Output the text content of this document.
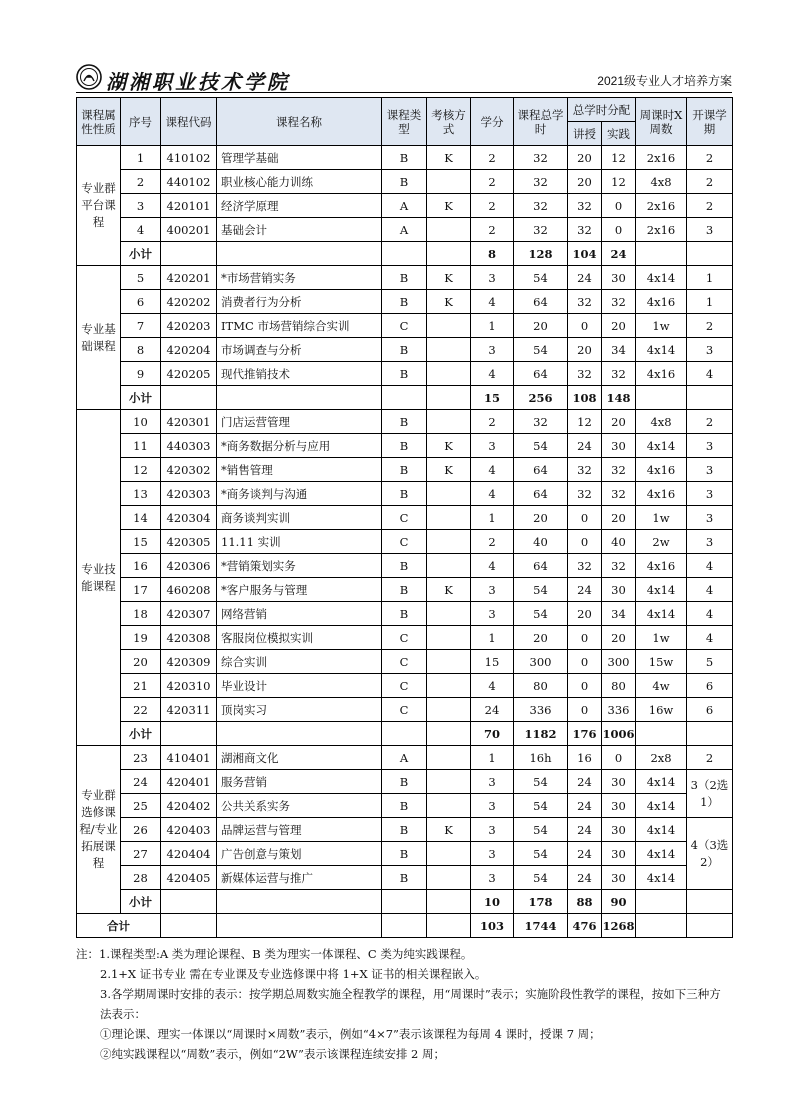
湖湘职业技术学院	2021级专业人才培养方案
课程属性性质	序号	课程代码	课程名称	课程类型	考核方式	学分	课程总学时	总学时分配		周课时X周数	开课学期
								讲授	实践		
专业群平台课程	1	410102	管理学基础	B	K	2	32	20	12	2x16	2
	2	440102	职业核心能力训练	B		2	32	20	12	4x8	2
	3	420101	经济学原理	A	K	2	32	32	0	2x16	2
	4	400201	基础会计	A		2	32	32	0	2x16	3
	小计					8	128	104	24		
专业基础课程	5	420201	*市场营销实务	B	K	3	54	24	30	4x14	1
	6	420202	消费者行为分析	B	K	4	64	32	32	4x16	1
	7	420203	ITMC 市场营销综合实训	C		1	20	0	20	1w	2
	8	420204	市场调查与分析	B		3	54	20	34	4x14	3
	9	420205	现代推销技术	B		4	64	32	32	4x16	4
	小计					15	256	108	148		
专业技能课程	10	420301	门店运营管理	B		2	32	12	20	4x8	2
	11	440303	*商务数据分析与应用	B	K	3	54	24	30	4x14	3
	12	420302	*销售管理	B	K	4	64	32	32	4x16	3
	13	420303	*商务谈判与沟通	B		4	64	32	32	4x16	3
	14	420304	商务谈判实训	C		1	20	0	20	1w	3
	15	420305	11.11 实训	C		2	40	0	40	2w	3
	16	420306	*营销策划实务	B		4	64	32	32	4x16	4
	17	460208	*客户服务与管理	B	K	3	54	24	30	4x14	4
	18	420307	网络营销	B		3	54	20	34	4x14	4
	19	420308	客服岗位模拟实训	C		1	20	0	20	1w	4
	20	420309	综合实训	C		15	300	0	300	15w	5
	21	420310	毕业设计	C		4	80	0	80	4w	6
	22	420311	顶岗实习	C		24	336	0	336	16w	6
	小计					70	1182	176	1006		
专业群选修课程/专业拓展课程	23	410401	湖湘商文化	A		1	16h	16	0	2x8	2
	24	420401	服务营销	B		3	54	24	30	4x14	3（2选1）
	25	420402	公共关系实务	B		3	54	24	30	4x14	
	26	420403	品牌运营与管理	B	K	3	54	24	30	4x14	4（3选2）
	27	420404	广告创意与策划	B		3	54	24	30	4x14	
	28	420405	新媒体运营与推广	B		3	54	24	30	4x14	
	小计					10	178	88	90		
合计						103	1744	476	1268		

注：1.课程类型:A 类为理论课程、B 类为理实一体课程、C 类为纯实践课程。

2.1+X 证书专业 需在专业课及专业选修课中将 1+X 证书的相关课程嵌入。

3.各学期周课时安排的表示：按学期总周数实施全程教学的课程，用“周课时”表示；实施阶段性教学的课程，按如下三种方法表示：

①理论课、理实一体课以“周课时×周数”表示，例如“4×7”表示该课程为每周 4 课时，授课 7 周；

②纯实践课程以“周数”表示，例如“2W”表示该课程连续安排 2 周；
